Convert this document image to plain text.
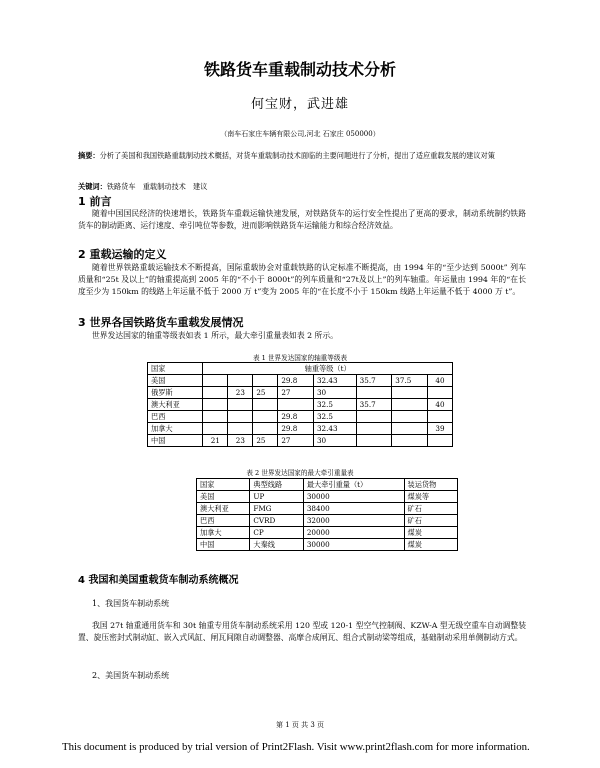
铁路货车重载制动技术分析
何宝财，武进雄
（南车石家庄车辆有限公司,河北 石家庄 050000）
摘要：分析了美国和我国铁路重载制动技术概括，对货车重载制动技术面临的主要问题进行了分析，提出了适应重载发展的建议对策
关键词：铁路货车　重载制动技术　建议
1 前言
随着中国国民经济的快速增长，铁路货车重载运输快速发展，对铁路货车的运行安全性提出了更高的要求，制动系统制约铁路货车的制动距离、运行速度、牵引吨位等参数，进而影响铁路货车运输能力和综合经济效益。
2 重载运输的定义
随着世界铁路重载运输技术不断提高，国际重载协会对重载铁路的认定标准不断提高，由 1994 年的“至少达到 5000t” 列车质量和“25t 及以上”的轴重提高到 2005 年的“不小于 8000t”的列车质量和“27t及以上”的列车轴重。年运量由 1994 年的“在长度至少为 150km 的线路上年运量不低于 2000 万 t”变为 2005 年的“在长度不小于 150km 线路上年运量不低于 4000 万 t”。
3 世界各国铁路货车重载发展情况
世界发达国家的轴重等级表如表 1 所示，最大牵引重量表如表 2 所示。
表 1 世界发达国家的轴重等级表
国家	轴重等级（t）							
美国				29.8	32.43	35.7	37.5	40
俄罗斯		23	25	27	30			
澳大利亚					32.5	35.7		40
巴西				29.8	32.5			
加拿大				29.8	32.43			39
中国	21	23	25	27	30			
表 2 世界发达国家的最大牵引重量表
国家	典型线路	最大牵引重量（t）	装运货物
美国	UP	30000	煤炭等
澳大利亚	FMG	38400	矿石
巴西	CVRD	32000	矿石
加拿大	CP	20000	煤炭
中国	大秦线	30000	煤炭
4 我国和美国重载货车制动系统概况
1、我国货车制动系统
我国 27t 轴重通用货车和 30t 轴重专用货车制动系统采用 120 型或 120-1 型空气控制阀、KZW-A 型无级空重车自动调整装置、旋压密封式制动缸、嵌入式风缸、闸瓦间隙自动调整器、高摩合成闸瓦、组合式制动梁等组成，基础制动采用单侧制动方式。
2、美国货车制动系统
第 1 页 共 3 页
This document is produced by trial version of Print2Flash. Visit www.print2flash.com for more information.
